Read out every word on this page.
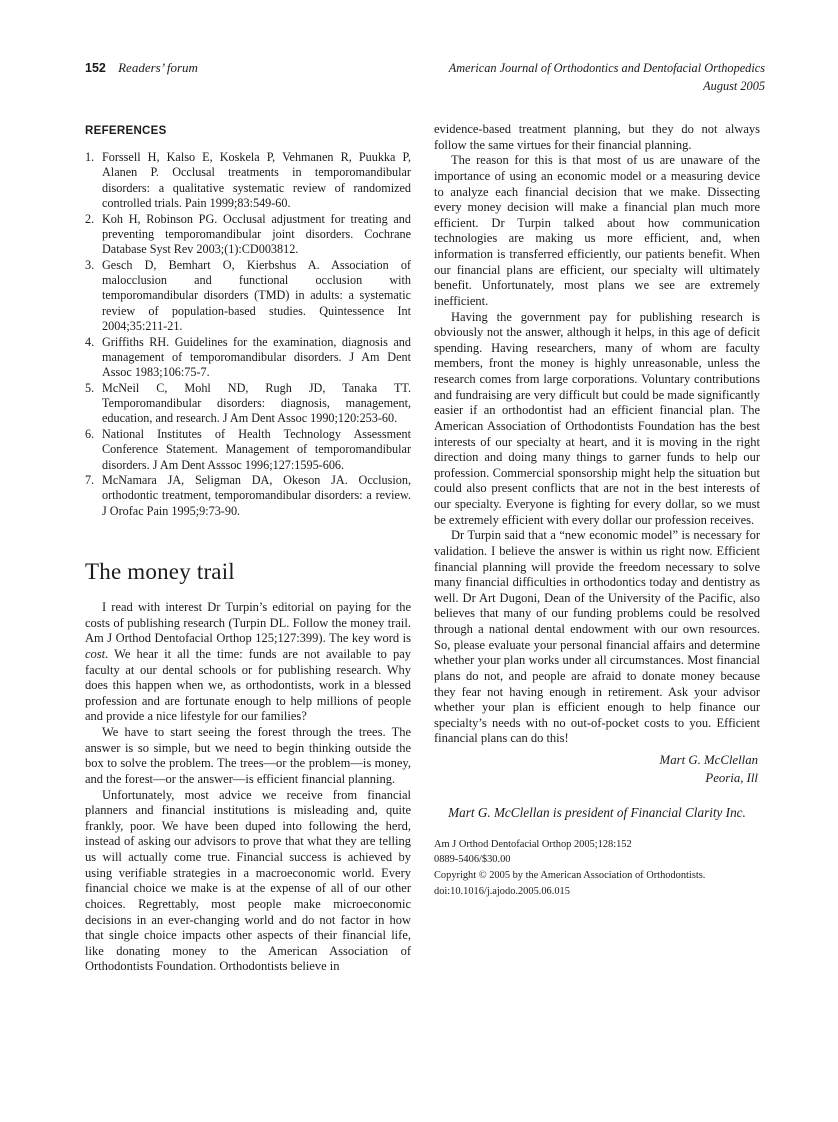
152 Readers’ forum	American Journal of Orthodontics and Dentofacial Orthopedics
August 2005
REFERENCES
Forssell H, Kalso E, Koskela P, Vehmanen R, Puukka P, Alanen P. Occlusal treatments in temporomandibular disorders: a qualitative systematic review of randomized controlled trials. Pain 1999;83:549-60.
Koh H, Robinson PG. Occlusal adjustment for treating and preventing temporomandibular joint disorders. Cochrane Database Syst Rev 2003;(1):CD003812.
Gesch D, Bemhart O, Kierbshus A. Association of malocclusion and functional occlusion with temporomandibular disorders (TMD) in adults: a systematic review of population-based studies. Quintessence Int 2004;35:211-21.
Griffiths RH. Guidelines for the examination, diagnosis and management of temporomandibular disorders. J Am Dent Assoc 1983;106:75-7.
McNeil C, Mohl ND, Rugh JD, Tanaka TT. Temporomandibular disorders: diagnosis, management, education, and research. J Am Dent Assoc 1990;120:253-60.
National Institutes of Health Technology Assessment Conference Statement. Management of temporomandibular disorders. J Am Dent Asssoc 1996;127:1595-606.
McNamara JA, Seligman DA, Okeson JA. Occlusion, orthodontic treatment, temporomandibular disorders: a review. J Orofac Pain 1995;9:73-90.
The money trail

I read with interest Dr Turpin’s editorial on paying for the costs of publishing research (Turpin DL. Follow the money trail. Am J Orthod Dentofacial Orthop 125;127:399). The key word is cost. We hear it all the time: funds are not available to pay faculty at our dental schools or for publishing research. Why does this happen when we, as orthodontists, work in a blessed profession and are fortunate enough to help millions of people and provide a nice lifestyle for our families?

We have to start seeing the forest through the trees. The answer is so simple, but we need to begin thinking outside the box to solve the problem. The trees—or the problem—is money, and the forest—or the answer—is efficient financial planning.

Unfortunately, most advice we receive from financial planners and financial institutions is misleading and, quite frankly, poor. We have been duped into following the herd, instead of asking our advisors to prove that what they are telling us will actually come true. Financial success is achieved by using verifiable strategies in a macroeconomic world. Every financial choice we make is at the expense of all of our other choices. Regrettably, most people make microeconomic decisions in an ever-changing world and do not factor in how that single choice impacts other aspects of their financial life, like donating money to the American Association of Orthodontists Foundation. Orthodontists believe in

evidence-based treatment planning, but they do not always follow the same virtues for their financial planning.

The reason for this is that most of us are unaware of the importance of using an economic model or a measuring device to analyze each financial decision that we make. Dissecting every money decision will make a financial plan much more efficient. Dr Turpin talked about how communication technologies are making us more efficient, and, when information is transferred efficiently, our patients benefit. When our financial plans are efficient, our specialty will ultimately benefit. Unfortunately, most plans we see are extremely inefficient.

Having the government pay for publishing research is obviously not the answer, although it helps, in this age of deficit spending. Having researchers, many of whom are faculty members, front the money is highly unreasonable, unless the research comes from large corporations. Voluntary contributions and fundraising are very difficult but could be made significantly easier if an orthodontist had an efficient financial plan. The American Association of Orthodontists Foundation has the best interests of our specialty at heart, and it is moving in the right direction and doing many things to garner funds to help our profession. Commercial sponsorship might help the situation but could also present conflicts that are not in the best interests of our specialty. Everyone is fighting for every dollar, so we must be extremely efficient with every dollar our profession receives.

Dr Turpin said that a “new economic model” is necessary for validation. I believe the answer is within us right now. Efficient financial planning will provide the freedom necessary to solve many financial difficulties in orthodontics today and dentistry as well. Dr Art Dugoni, Dean of the University of the Pacific, also believes that many of our funding problems could be resolved through a national dental endowment with our own resources. So, please evaluate your personal financial affairs and determine whether your plan works under all circumstances. Most financial plans do not, and people are afraid to donate money because they fear not having enough in retirement. Ask your advisor whether your plan is efficient enough to help finance our specialty’s needs with no out-of-pocket costs to you. Efficient financial plans can do this!

Mart G. McClellan
Peoria, Ill
Mart G. McClellan is president of Financial Clarity Inc.
Am J Orthod Dentofacial Orthop 2005;128:152
0889-5406/$30.00
Copyright © 2005 by the American Association of Orthodontists.
doi:10.1016/j.ajodo.2005.06.015
